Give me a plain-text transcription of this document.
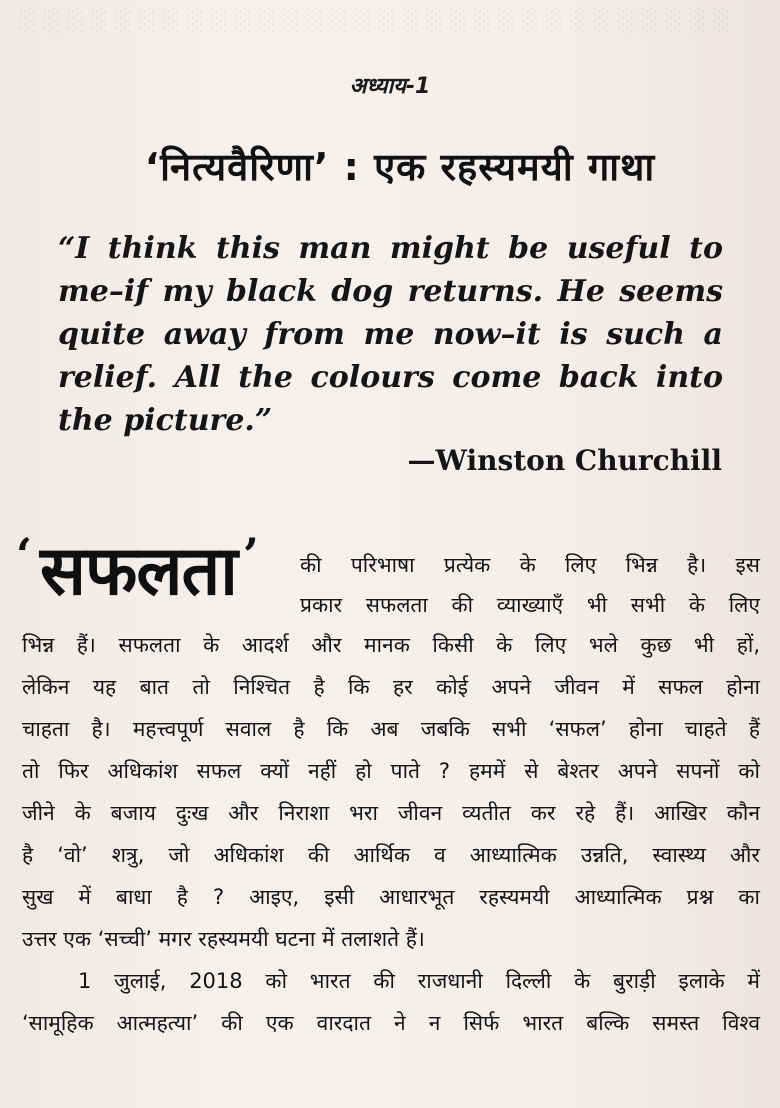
░ ░ ░ ░ ░ ░ ░ ░ ░ ░ ░ ░ ░ ░ ░ ░ ░ ░ ░ ░ ░ ░ ░ ░ ░ ░ ░ ░ ░ ░
अध्याय-1
‘नित्यवैरिणा’ : एक रहस्यमयी गाथा
“I think this man might be useful to me–if my black dog returns. He seems quite away from me now–it is such a relief. All the colours come back into the picture.”
—Winston Churchill
‘ सफलता ’ की परिभाषा प्रत्येक के लिए भिन्न है। इस
प्रकार सफलता की व्याख्याएँ भी सभी के लिए
भिन्न हैं। सफलता के आदर्श और मानक किसी के लिए भले कुछ भी हों,
लेकिन यह बात तो निश्चित है कि हर कोई अपने जीवन में सफल होना
चाहता है। महत्त्वपूर्ण सवाल है कि अब जबकि सभी ‘सफल’ होना चाहते हैं
तो फिर अधिकांश सफल क्यों नहीं हो पाते ? हममें से बेश्तर अपने सपनों को
जीने के बजाय दुःख और निराशा भरा जीवन व्यतीत कर रहे हैं। आखिर कौन
है ‘वो’ शत्रु, जो अधिकांश की आर्थिक व आध्यात्मिक उन्नति, स्वास्थ्य और
सुख में बाधा है ? आइए, इसी आधारभूत रहस्यमयी आध्यात्मिक प्रश्न का
उत्तर एक ‘सच्ची’ मगर रहस्यमयी घटना में तलाशते हैं।
1 जुलाई, 2018 को भारत की राजधानी दिल्ली के बुराड़ी इलाके में
‘सामूहिक आत्महत्या’ की एक वारदात ने न सिर्फ भारत बल्कि समस्त विश्व
